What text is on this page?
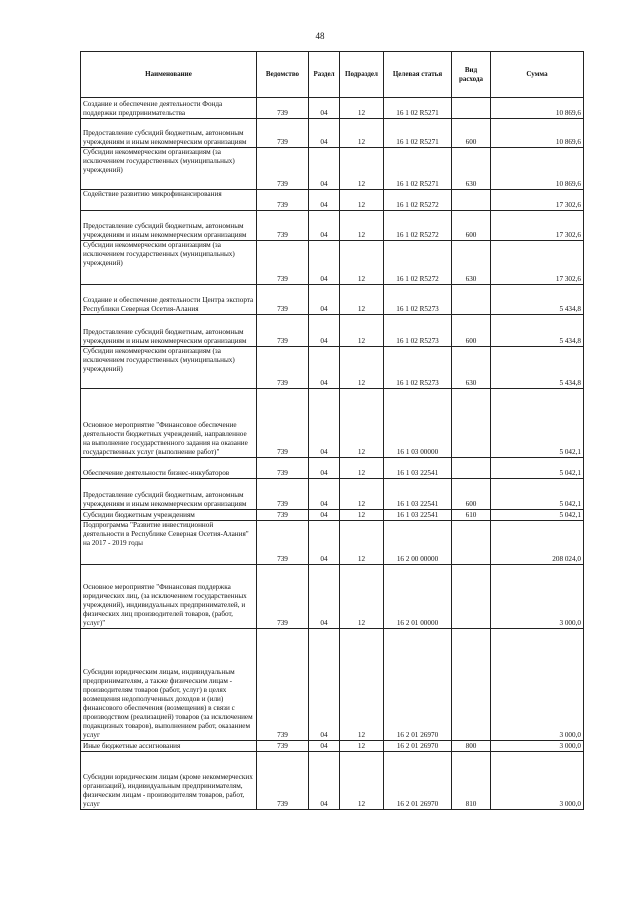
48
Наименование	Ведомство	Раздел	Подраздел	Целевая статья	Вид расхода	Сумма
Создание и обеспечение деятельности Фонда поддержки предпринимательства	739	04	12	16 1 02 R5271		10 869,6
Предоставление субсидий бюджетным, автономным учреждениям и иным некоммерческим организациям	739	04	12	16 1 02 R5271	600	10 869,6
Субсидии некоммерческим организациям (за исключением государственных (муниципальных) учреждений)	739	04	12	16 1 02 R5271	630	10 869,6
Содействие развитию микрофинансирования	739	04	12	16 1 02 R5272		17 302,6
Предоставление субсидий бюджетным, автономным учреждениям и иным некоммерческим организациям	739	04	12	16 1 02 R5272	600	17 302,6
Субсидии некоммерческим организациям (за исключением государственных (муниципальных) учреждений)	739	04	12	16 1 02 R5272	630	17 302,6
Создание и обеспечение деятельности Центра экспорта Республики Северная Осетия-Алания	739	04	12	16 1 02 R5273		5 434,8
Предоставление субсидий бюджетным, автономным учреждениям и иным некоммерческим организациям	739	04	12	16 1 02 R5273	600	5 434,8
Субсидии некоммерческим организациям (за исключением государственных (муниципальных) учреждений)	739	04	12	16 1 02 R5273	630	5 434,8
Основное мероприятие "Финансовое обеспечение деятельности бюджетных учреждений, направленное на выполнение государственного задания на оказание государственных услуг (выполнение работ)"	739	04	12	16 1 03 00000		5 042,1
Обеспечение деятельности бизнес-инкубаторов	739	04	12	16 1 03 22541		5 042,1
Предоставление субсидий бюджетным, автономным учреждениям и иным некоммерческим организациям	739	04	12	16 1 03 22541	600	5 042,1
Субсидии бюджетным учреждениям	739	04	12	16 1 03 22541	610	5 042,1
Подпрограмма "Развитие инвестиционной деятельности в Республике Северная Осетия-Алания" на 2017 - 2019 годы	739	04	12	16 2 00 00000		208 024,0
Основное мероприятие "Финансовая поддержка юридических лиц, (за исключением государственных учреждений), индивидуальных предпринимателей, и физических лиц производителей товаров, (работ, услуг)"	739	04	12	16 2 01 00000		3 000,0
Субсидии юридическим лицам, индивидуальным предпринимателям, а также физическим лицам - производителям товаров (работ, услуг) в целях возмещения недополученных доходов и (или) финансового обеспечения (возмещения) в связи с производством (реализацией) товаров (за исключением подакцизных товаров), выполнением работ, оказанием услуг	739	04	12	16 2 01 26970		3 000,0
Иные бюджетные ассигнования	739	04	12	16 2 01 26970	800	3 000,0
Субсидии юридическим лицам (кроме некоммерческих организаций), индивидуальным предпринимателям, физическим лицам - производителям товаров, работ, услуг	739	04	12	16 2 01 26970	810	3 000,0
